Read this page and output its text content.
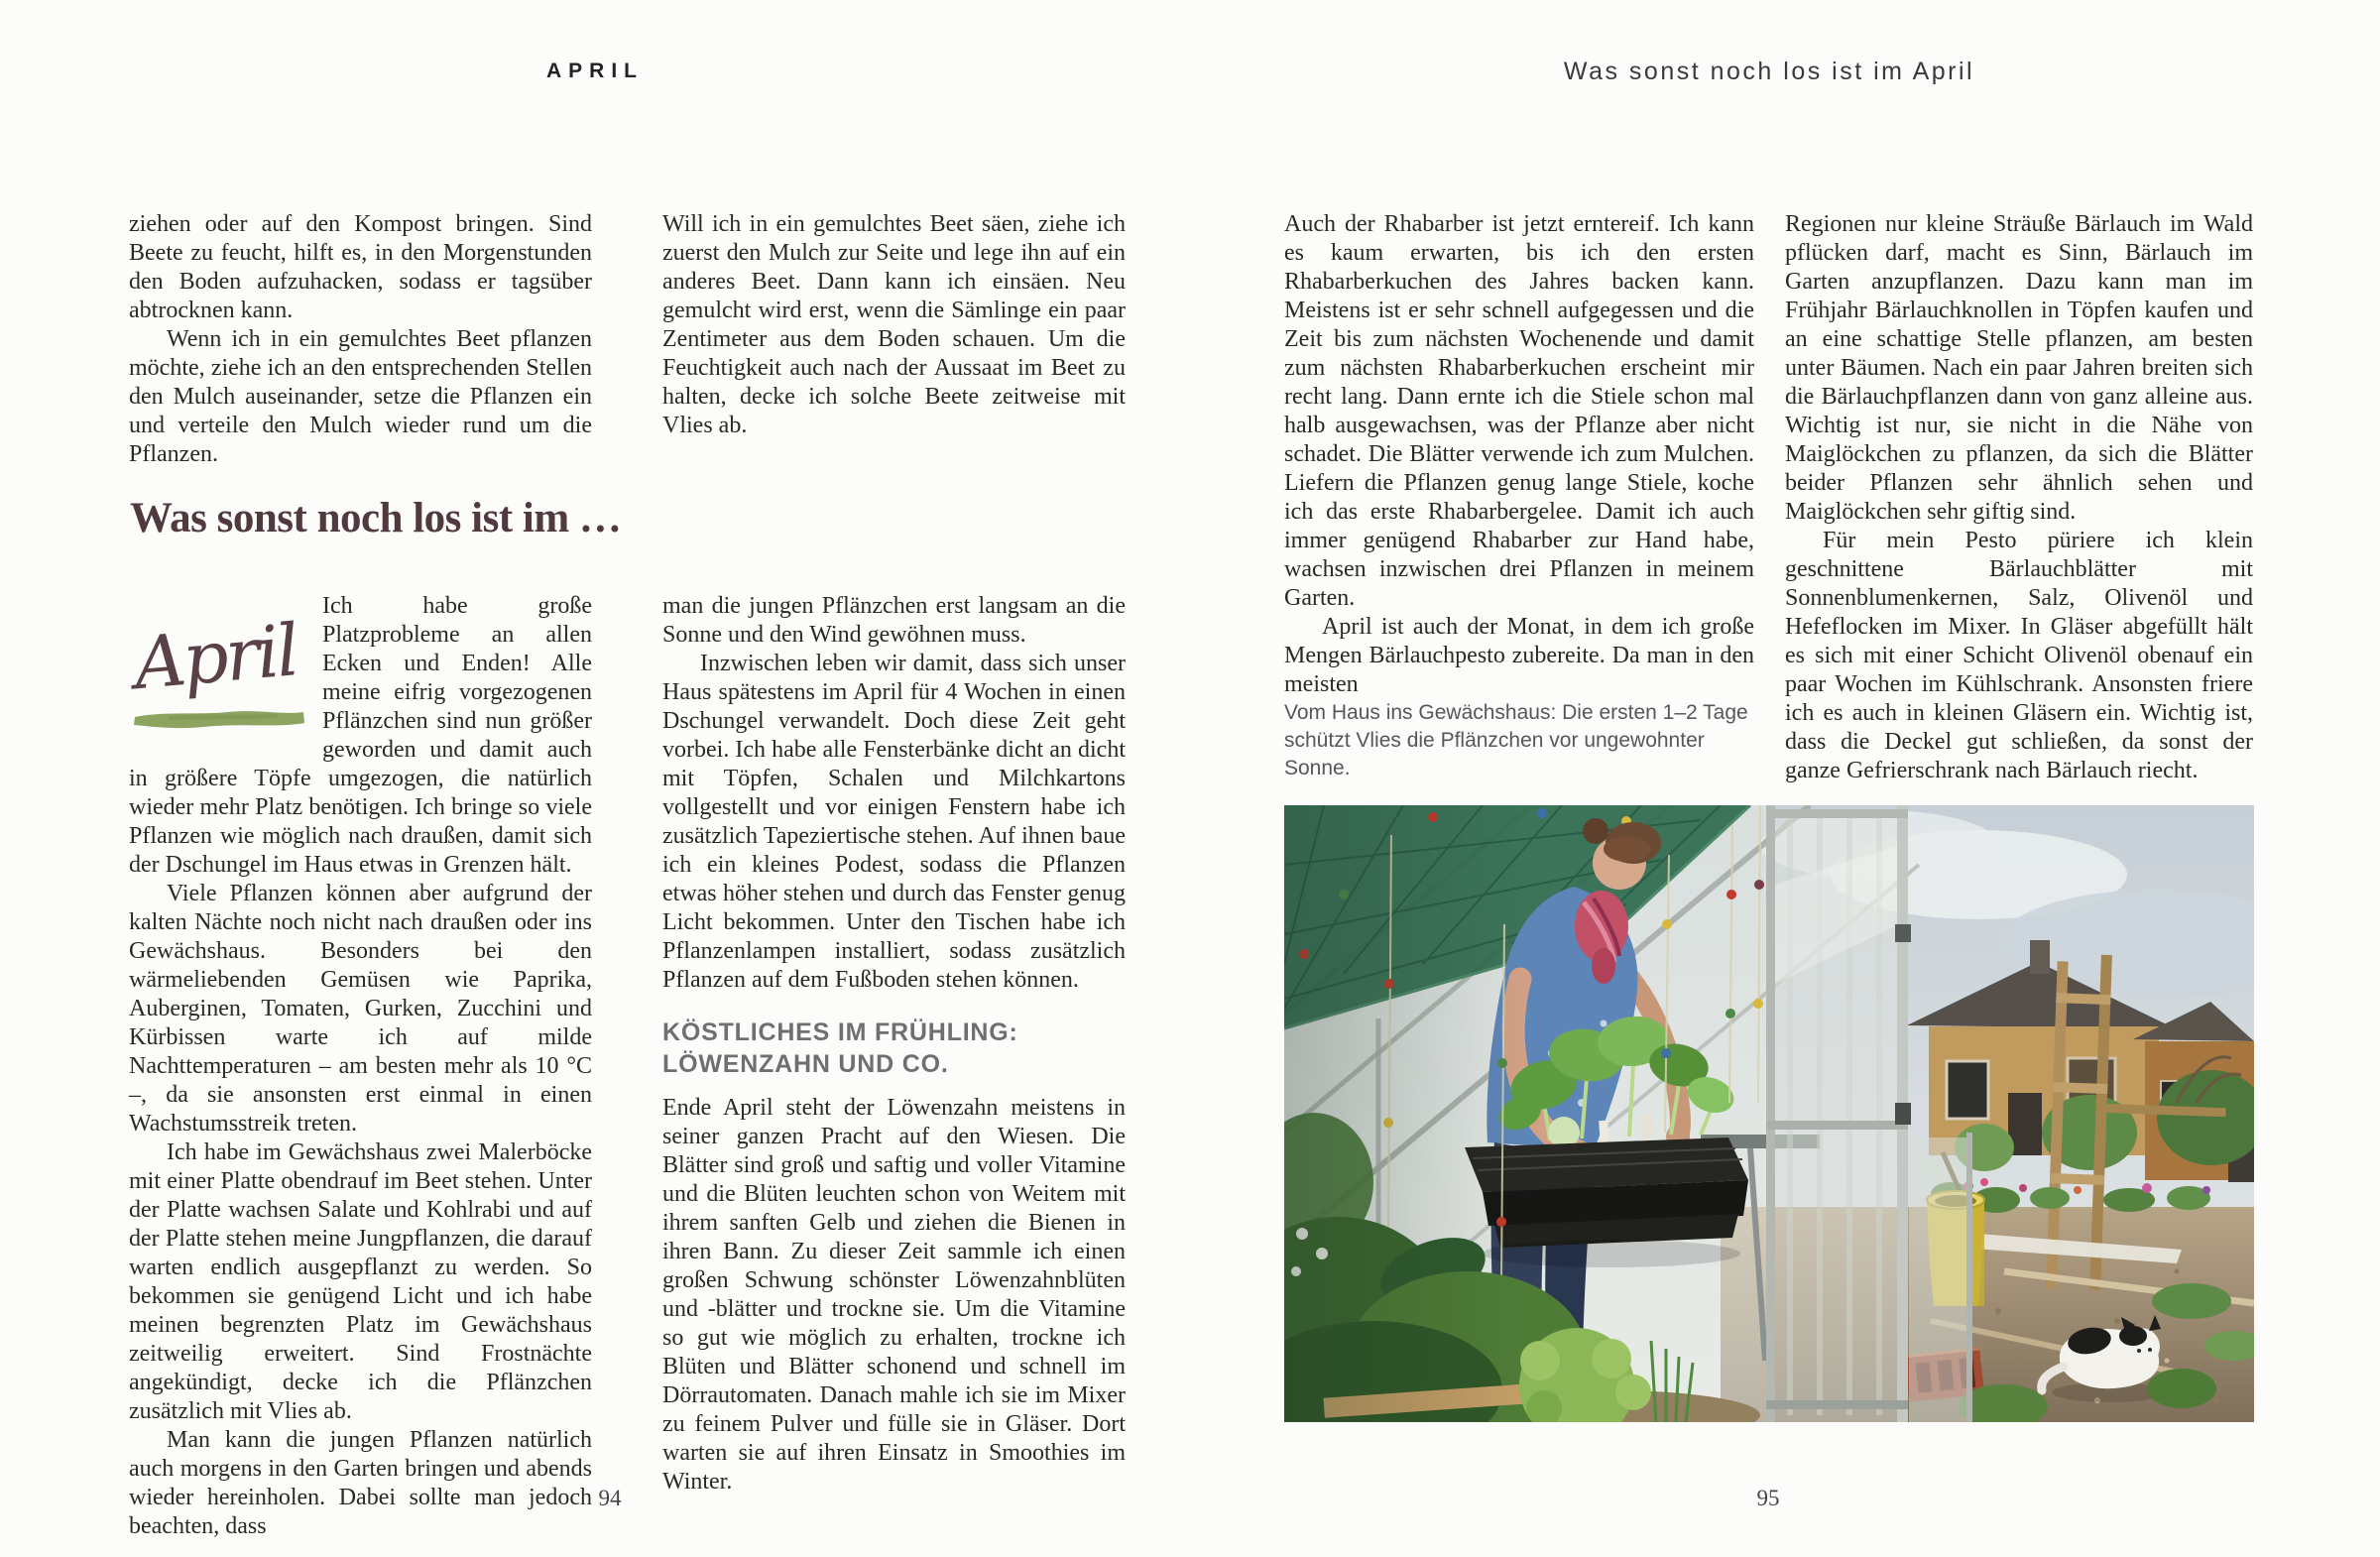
APRIL

ziehen oder auf den Kompost bringen. Sind Beete zu feucht, hilft es, in den Morgenstunden den Boden aufzuhacken, sodass er tagsüber abtrocknen kann.

Wenn ich in ein gemulchtes Beet pflanzen möchte, ziehe ich an den entsprechenden Stellen den Mulch auseinander, setze die Pflanzen ein und verteile den Mulch wieder rund um die Pflanzen.

Will ich in ein gemulchtes Beet säen, ziehe ich zuerst den Mulch zur Seite und lege ihn auf ein anderes Beet. Dann kann ich einsäen. Neu gemulcht wird erst, wenn die Sämlinge ein paar Zentimeter aus dem Boden schauen. Um die Feuchtigkeit auch nach der Aussaat im Beet zu halten, decke ich solche Beete zeitweise mit Vlies ab.

Was sonst noch los ist im …
April

Ich habe große Platzprobleme an allen Ecken und Enden! Alle meine eifrig vorgezogenen Pflänzchen sind nun größer geworden und damit auch in größere Töpfe umgezogen, die natürlich wieder mehr Platz benötigen. Ich bringe so viele Pflanzen wie möglich nach draußen, damit sich der Dschungel im Haus etwas in Grenzen hält.

Viele Pflanzen können aber aufgrund der kalten Nächte noch nicht nach draußen oder ins Gewächshaus. Besonders bei den wärmeliebenden Gemüsen wie Paprika, Auberginen, Tomaten, Gurken, Zucchini und Kürbissen warte ich auf milde Nachttemperaturen – am besten mehr als 10 °C –, da sie ansonsten erst einmal in einen Wachstumsstreik treten.

Ich habe im Gewächshaus zwei Malerböcke mit einer Platte obendrauf im Beet stehen. Unter der Platte wachsen Salate und Kohlrabi und auf der Platte stehen meine Jungpflanzen, die darauf warten endlich ausgepflanzt zu werden. So bekommen sie genügend Licht und ich habe meinen begrenzten Platz im Gewächshaus zeitweilig erweitert. Sind Frostnächte angekündigt, decke ich die Pflänzchen zusätzlich mit Vlies ab.

Man kann die jungen Pflanzen natürlich auch morgens in den Garten bringen und abends wieder hereinholen. Dabei sollte man jedoch beachten, dass

man die jungen Pflänzchen erst langsam an die Sonne und den Wind gewöhnen muss.

Inzwischen leben wir damit, dass sich unser Haus spätestens im April für 4 Wochen in einen Dschungel verwandelt. Doch diese Zeit geht vorbei. Ich habe alle Fensterbänke dicht an dicht mit Töpfen, Schalen und Milchkartons vollgestellt und vor einigen Fenstern habe ich zusätzlich Tapeziertische stehen. Auf ihnen baue ich ein kleines Podest, sodass die Pflanzen etwas höher stehen und durch das Fenster genug Licht bekommen. Unter den Tischen habe ich Pflanzenlampen installiert, sodass zusätzlich Pflanzen auf dem Fußboden stehen können.

KÖSTLICHES IM FRÜHLING:
LÖWENZAHN UND CO.

Ende April steht der Löwenzahn meistens in seiner ganzen Pracht auf den Wiesen. Die Blätter sind groß und saftig und voller Vitamine und die Blüten leuchten schon von Weitem mit ihrem sanften Gelb und ziehen die Bienen in ihren Bann. Zu dieser Zeit sammle ich einen großen Schwung schönster Löwenzahnblüten und -blätter und trockne sie. Um die Vitamine so gut wie möglich zu erhalten, trockne ich Blüten und Blätter schonend und schnell im Dörrautomaten. Danach mahle ich sie im Mixer zu feinem Pulver und fülle sie in Gläser. Dort warten sie auf ihren Einsatz in Smoothies im Winter.

94
Was sonst noch los ist im April

Auch der Rhabarber ist jetzt erntereif. Ich kann es kaum erwarten, bis ich den ersten Rhabarberkuchen des Jahres backen kann. Meistens ist er sehr schnell aufgegessen und die Zeit bis zum nächsten Wochenende und damit zum nächsten Rhabarberkuchen erscheint mir recht lang. Dann ernte ich die Stiele schon mal halb ausgewachsen, was der Pflanze aber nicht schadet. Die Blätter verwende ich zum Mulchen. Liefern die Pflanzen genug lange Stiele, koche ich das erste Rhabarbergelee. Damit ich auch immer genügend Rhabarber zur Hand habe, wachsen inzwischen drei Pflanzen in meinem Garten.

April ist auch der Monat, in dem ich große Mengen Bärlauchpesto zubereite. Da man in den meisten

Vom Haus ins Gewächshaus: Die ersten 1–2 Tage schützt Vlies die Pflänzchen vor ungewohnter Sonne.

Regionen nur kleine Sträuße Bärlauch im Wald pflücken darf, macht es Sinn, Bärlauch im Garten anzupflanzen. Dazu kann man im Frühjahr Bärlauchknollen in Töpfen kaufen und an eine schattige Stelle pflanzen, am besten unter Bäumen. Nach ein paar Jahren breiten sich die Bärlauchpflanzen dann von ganz alleine aus. Wichtig ist nur, sie nicht in die Nähe von Maiglöckchen zu pflanzen, da sich die Blätter beider Pflanzen sehr ähnlich sehen und Maiglöckchen sehr giftig sind.

Für mein Pesto püriere ich klein geschnittene Bärlauchblätter mit Sonnenblumenkernen, Salz, Olivenöl und Hefeflocken im Mixer. In Gläser abgefüllt hält es sich mit einer Schicht Olivenöl obenauf ein paar Wochen im Kühlschrank. Ansonsten friere ich es auch in kleinen Gläsern ein. Wichtig ist, dass die Deckel gut schließen, da sonst der ganze Gefrierschrank nach Bärlauch riecht.

95
